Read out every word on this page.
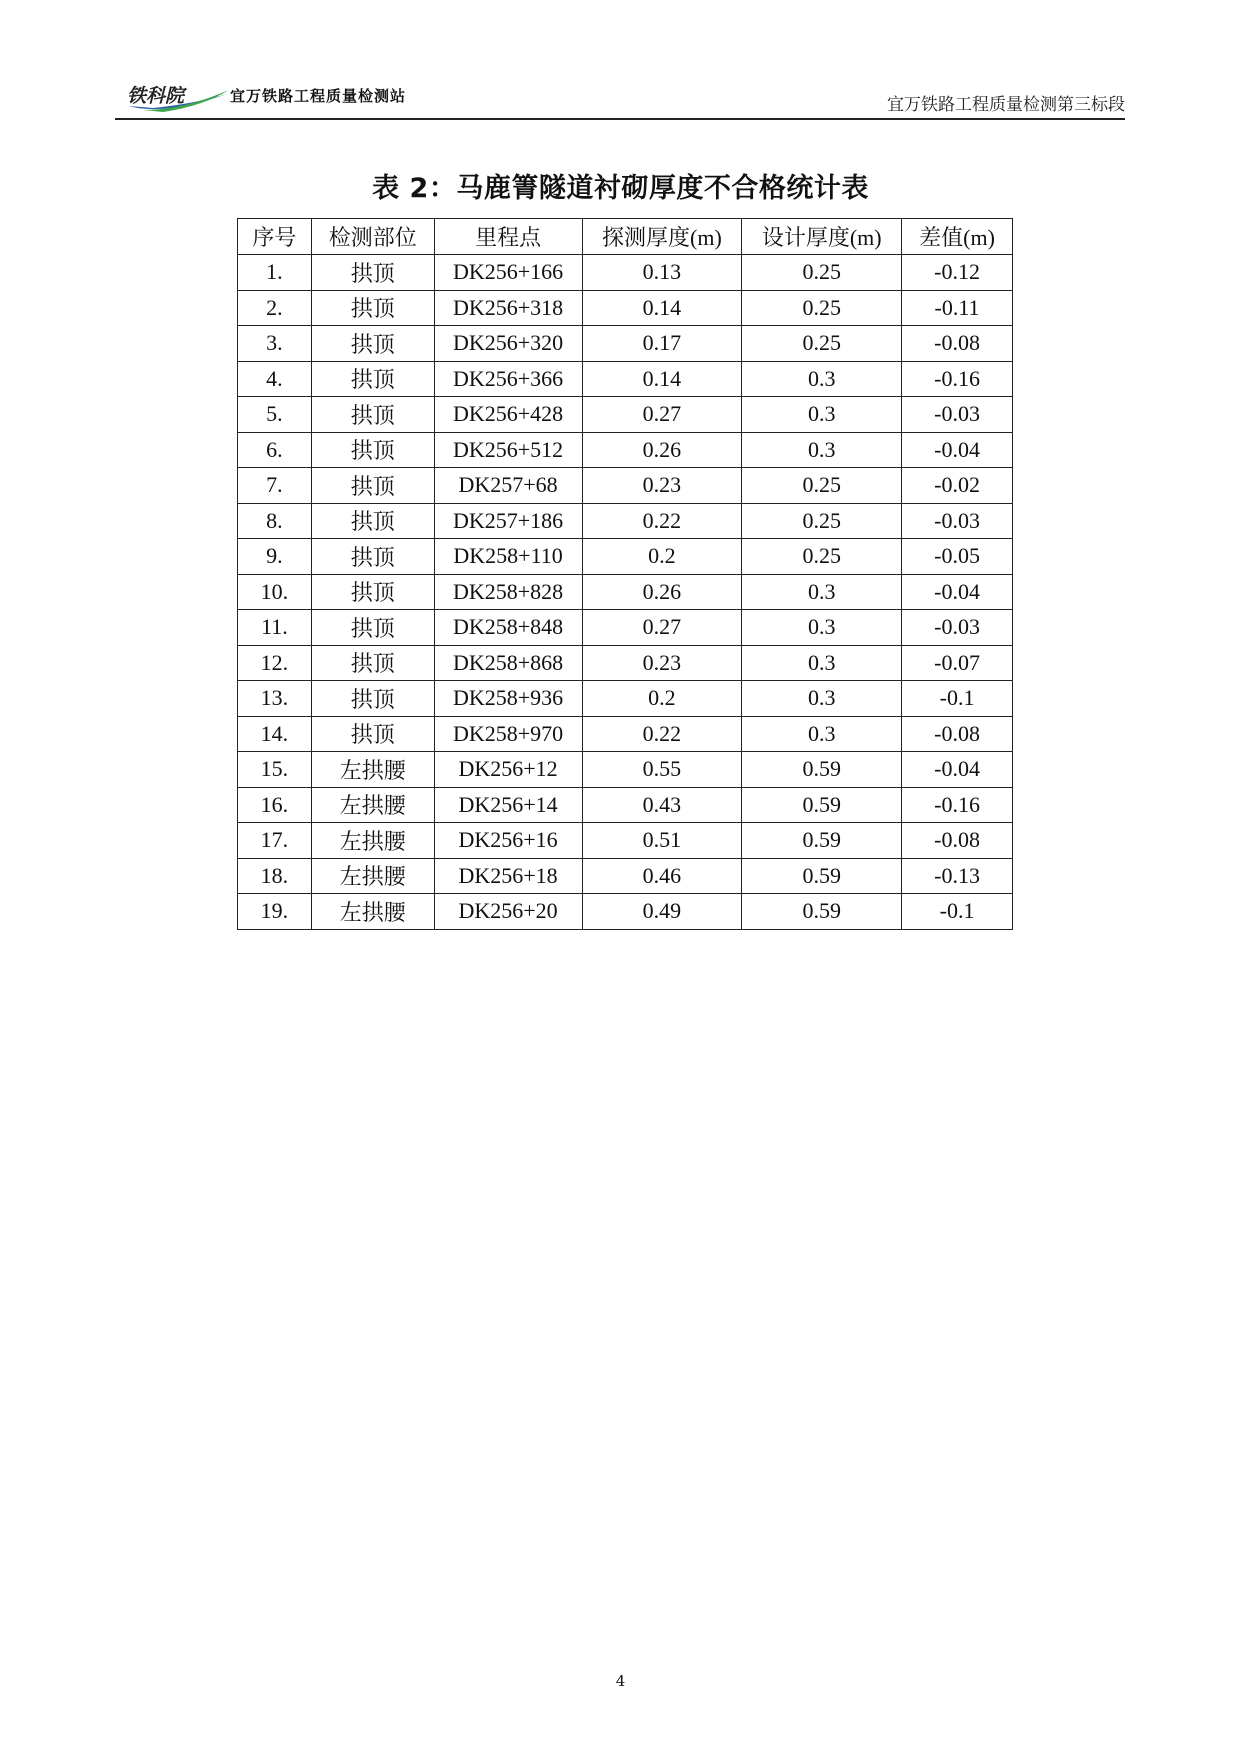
铁科院	宜万铁路工程质量检测站	宜万铁路工程质量检测第三标段
表 2：马鹿箐隧道衬砌厚度不合格统计表
序号	检测部位	里程点	探测厚度(m)	设计厚度(m)	差值(m)
1.	拱顶	DK256+166	0.13	0.25	-0.12
2.	拱顶	DK256+318	0.14	0.25	-0.11
3.	拱顶	DK256+320	0.17	0.25	-0.08
4.	拱顶	DK256+366	0.14	0.3	-0.16
5.	拱顶	DK256+428	0.27	0.3	-0.03
6.	拱顶	DK256+512	0.26	0.3	-0.04
7.	拱顶	DK257+68	0.23	0.25	-0.02
8.	拱顶	DK257+186	0.22	0.25	-0.03
9.	拱顶	DK258+110	0.2	0.25	-0.05
10.	拱顶	DK258+828	0.26	0.3	-0.04
11.	拱顶	DK258+848	0.27	0.3	-0.03
12.	拱顶	DK258+868	0.23	0.3	-0.07
13.	拱顶	DK258+936	0.2	0.3	-0.1
14.	拱顶	DK258+970	0.22	0.3	-0.08
15.	左拱腰	DK256+12	0.55	0.59	-0.04
16.	左拱腰	DK256+14	0.43	0.59	-0.16
17.	左拱腰	DK256+16	0.51	0.59	-0.08
18.	左拱腰	DK256+18	0.46	0.59	-0.13
19.	左拱腰	DK256+20	0.49	0.59	-0.1
4
